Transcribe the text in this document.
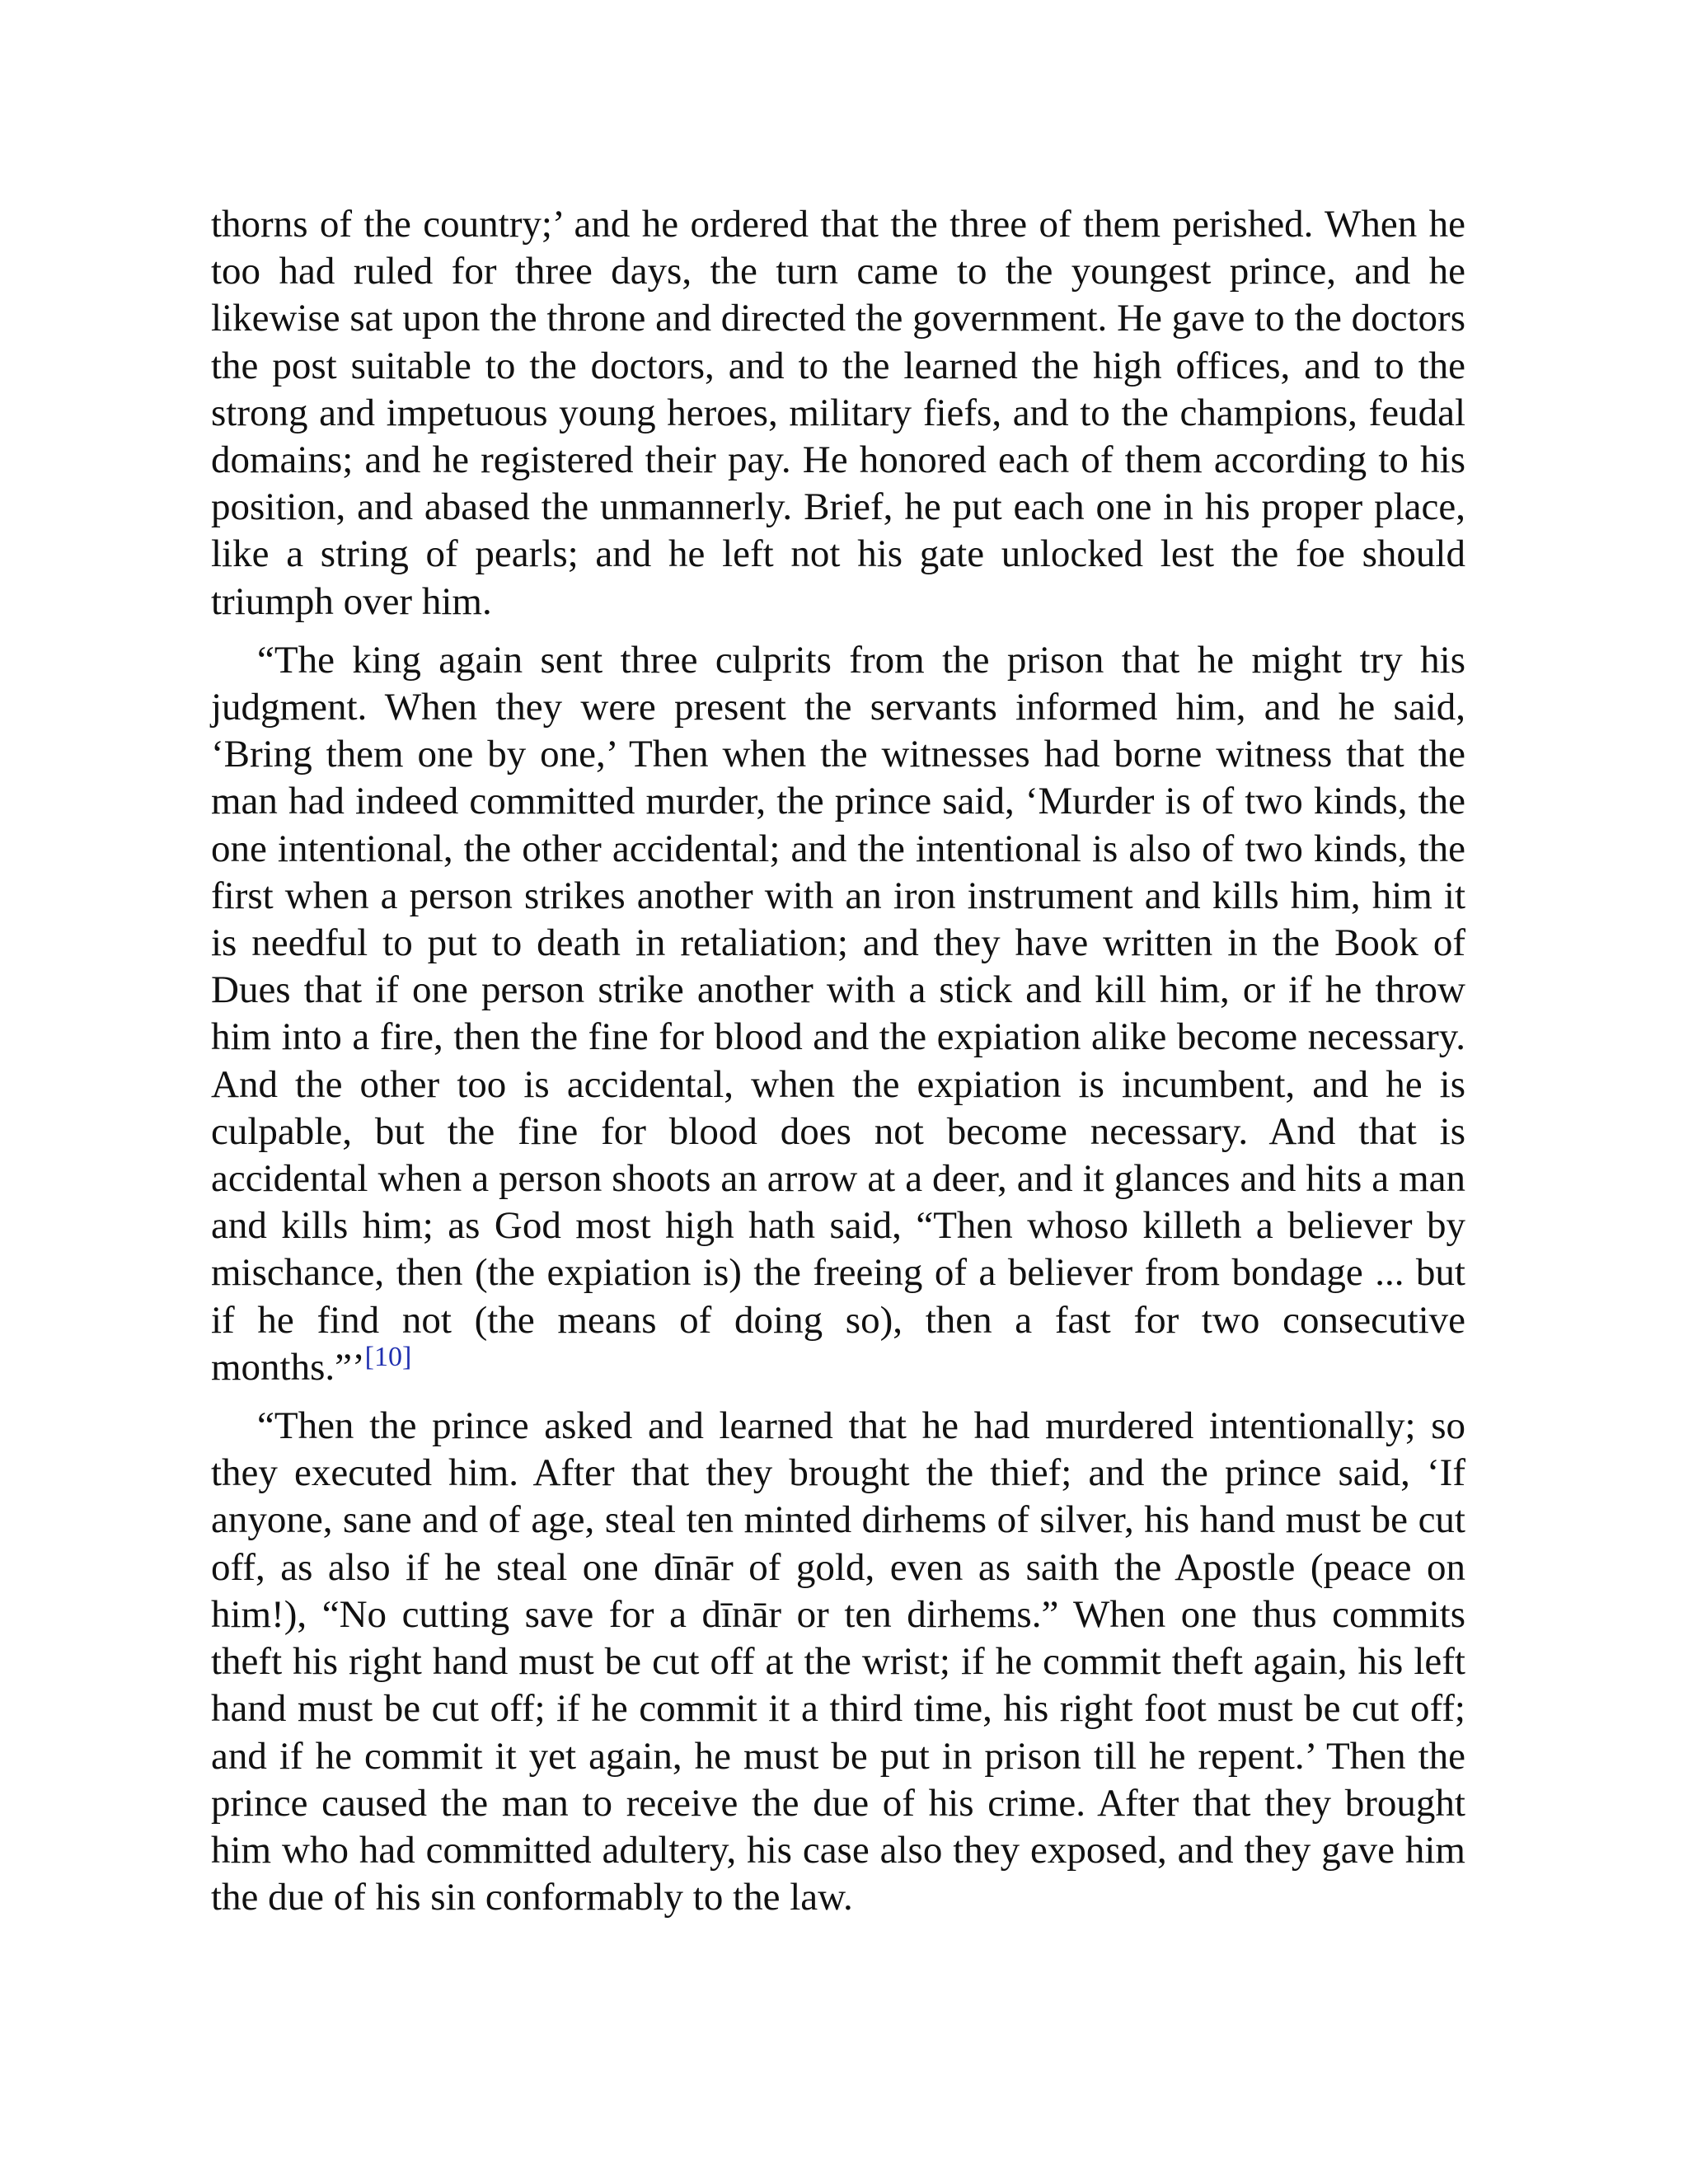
thorns of the country;’ and he ordered that the three of them perished. When he too had ruled for three days, the turn came to the youngest prince, and he likewise sat upon the throne and directed the government. He gave to the doctors the post suitable to the doctors, and to the learned the high offices, and to the strong and impetuous young heroes, military fiefs, and to the champions, feudal domains; and he registered their pay. He honored each of them according to his position, and abased the unmannerly. Brief, he put each one in his proper place, like a string of pearls; and he left not his gate unlocked lest the foe should triumph over him.

“The king again sent three culprits from the prison that he might try his judgment. When they were present the servants informed him, and he said, ‘Bring them one by one,’ Then when the witnesses had borne witness that the man had indeed committed murder, the prince said, ‘Murder is of two kinds, the one intentional, the other accidental; and the intentional is also of two kinds, the first when a person strikes another with an iron instrument and kills him, him it is needful to put to death in retaliation; and they have written in the Book of Dues that if one person strike another with a stick and kill him, or if he throw him into a fire, then the fine for blood and the expiation alike become necessary. And the other too is accidental, when the expiation is incumbent, and he is culpable, but the fine for blood does not become necessary. And that is accidental when a person shoots an arrow at a deer, and it glances and hits a man and kills him; as God most high hath said, “Then whoso killeth a believer by mischance, then (the expiation is) the freeing of a believer from bondage ... but if he find not (the means of doing so), then a fast for two consecutive months.”’[10]

“Then the prince asked and learned that he had murdered intentionally; so they executed him. After that they brought the thief; and the prince said, ‘If anyone, sane and of age, steal ten minted dirhems of silver, his hand must be cut off, as also if he steal one dīnār of gold, even as saith the Apostle (peace on him!), “No cutting save for a dīnār or ten dirhems.” When one thus commits theft his right hand must be cut off at the wrist; if he commit theft again, his left hand must be cut off; if he commit it a third time, his right foot must be cut off; and if he commit it yet again, he must be put in prison till he repent.’ Then the prince caused the man to receive the due of his crime. After that they brought him who had committed adultery, his case also they exposed, and they gave him the due of his sin conformably to the law.
